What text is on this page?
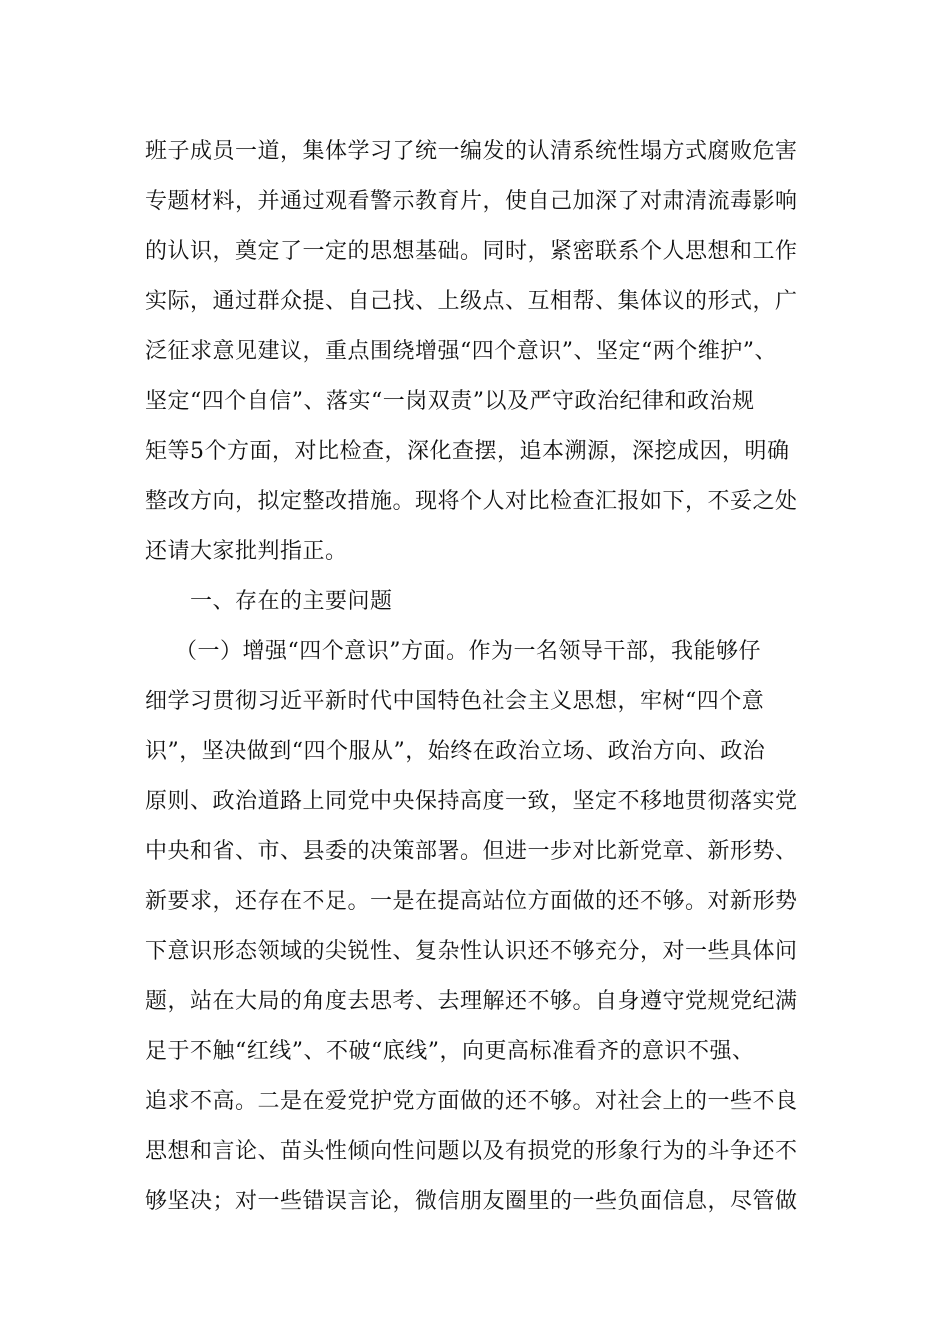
班子成员一道，集体学习了统一编发的认清系统性塌方式腐败危害
专题材料，并通过观看警示教育片，使自己加深了对肃清流毒影响
的认识，奠定了一定的思想基础。同时，紧密联系个人思想和工作
实际，通过群众提、自己找、上级点、互相帮、集体议的形式，广
泛征求意见建议，重点围绕增强“四个意识”、坚定“两个维护”、
坚定“四个自信”、落实“一岗双责”以及严守政治纪律和政治规
矩等5个方面，对比检查，深化查摆，追本溯源，深挖成因，明确
整改方向，拟定整改措施。现将个人对比检查汇报如下，不妥之处
还请大家批判指正。
一、存在的主要问题
（一）增强“四个意识”方面。作为一名领导干部，我能够仔
细学习贯彻习近平新时代中国特色社会主义思想，牢树“四个意
识”，坚决做到“四个服从”，始终在政治立场、政治方向、政治
原则、政治道路上同党中央保持高度一致，坚定不移地贯彻落实党
中央和省、市、县委的决策部署。但进一步对比新党章、新形势、
新要求，还存在不足。一是在提高站位方面做的还不够。对新形势
下意识形态领域的尖锐性、复杂性认识还不够充分，对一些具体问
题，站在大局的角度去思考、去理解还不够。自身遵守党规党纪满
足于不触“红线”、不破“底线”，向更高标准看齐的意识不强、
追求不高。二是在爱党护党方面做的还不够。对社会上的一些不良
思想和言论、苗头性倾向性问题以及有损党的形象行为的斗争还不
够坚决；对一些错误言论，微信朋友圈里的一些负面信息，尽管做
